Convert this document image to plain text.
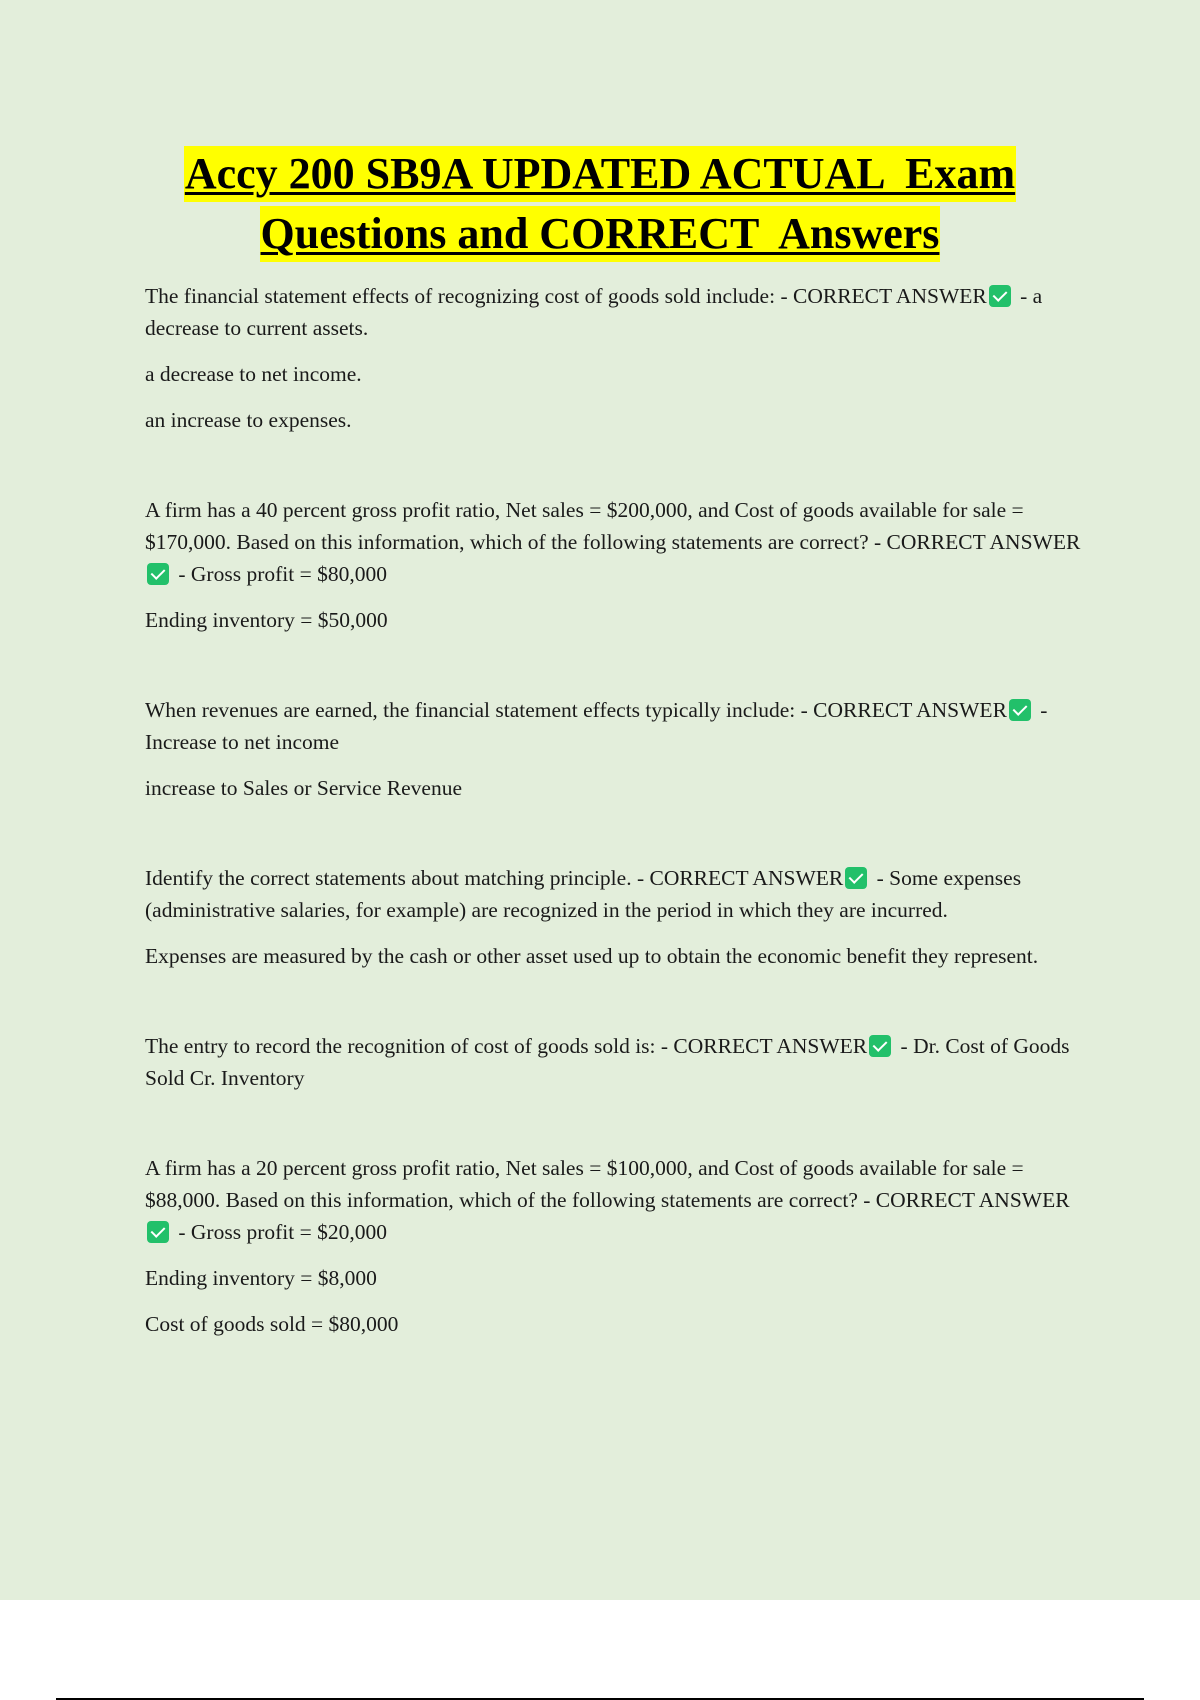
Accy 200 SB9A UPDATED ACTUAL  Exam
Questions and CORRECT  Answers

The financial statement effects of recognizing cost of goods sold include: - CORRECT ANSWER - a decrease to current assets.

a decrease to net income.

an increase to expenses.

A firm has a 40 percent gross profit ratio, Net sales = $200,000, and Cost of goods available for sale = $170,000. Based on this information, which of the following statements are correct? - CORRECT ANSWER - Gross profit = $80,000

Ending inventory = $50,000

When revenues are earned, the financial statement effects typically include: - CORRECT ANSWER - Increase to net income

increase to Sales or Service Revenue

Identify the correct statements about matching principle. - CORRECT ANSWER - Some expenses (administrative salaries, for example) are recognized in the period in which they are incurred.

Expenses are measured by the cash or other asset used up to obtain the economic benefit they represent.

The entry to record the recognition of cost of goods sold is: - CORRECT ANSWER - Dr. Cost of Goods Sold Cr. Inventory

A firm has a 20 percent gross profit ratio, Net sales = $100,000, and Cost of goods available for sale = $88,000. Based on this information, which of the following statements are correct? - CORRECT ANSWER - Gross profit = $20,000

Ending inventory = $8,000

Cost of goods sold = $80,000
